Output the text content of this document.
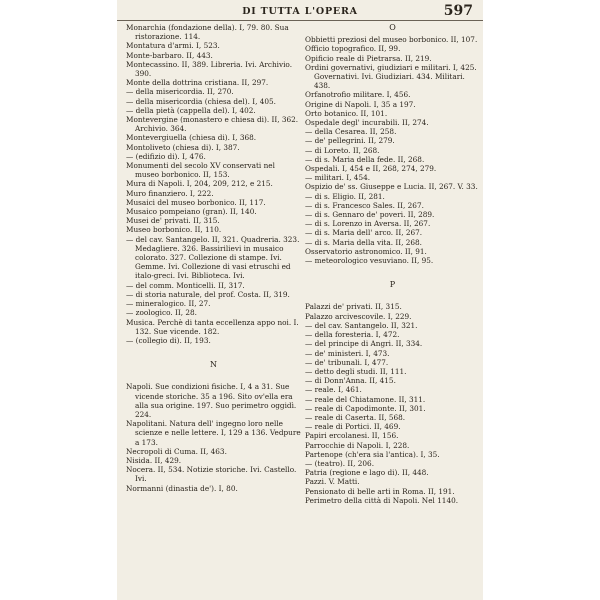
DI TUTTA L'OPERA	597

Monarchia (fondazione della). I, 79. 80. Sua ristorazione. 114.

Montatura d'armi. I, 523.

Monte-barbaro. II, 443.

Montecassino. II, 389. Libreria. Ivi. Archivio. 390.

Monte della dottrina cristiana. II, 297.

— della misericordia. II, 270.

— della misericordia (chiesa del). I, 405.

— della pietà (cappella del). I, 402.

Montevergine (monastero e chiesa di). II, 362. Archivio. 364.

Montevergiuella (chiesa di). I, 368.

Montoliveto (chiesa di). I, 387.

— (edifizio di). I, 476.

Monumenti del secolo XV conservati nel museo borbonico. II, 153.

Mura di Napoli. I, 204, 209, 212, e 215.

Muro finanziero. I, 222.

Musaici del museo borbonico. II, 117.

Musaico pompeiano (gran). II, 140.

Musei de' privati. II, 315.

Museo borbonico. II, 110.

— del cav. Santangelo. II, 321. Quadreria. 323. Medagliere. 326. Bassirilievi in musaico colorato. 327. Collezione di stampe. Ivi. Gemme. Ivi. Collezione di vasi etruschi ed italo-greci. Ivi. Biblioteca. Ivi.

— del comm. Monticelli. II, 317.

— di storia naturale, del prof. Costa. II, 319.

— mineralogico. II, 27.

— zoologico. II, 28.

Musica. Perchè di tanta eccellenza appo noi. I. 132. Sue vicende. 182.

— (collegio di). II, 193.

N

Napoli. Sue condizioni fisiche. I, 4 a 31. Sue vicende storiche. 35 a 196. Sito ov'ella era alla sua origine. 197. Suo perimetro oggidì. 224.

Napolitani. Natura dell' ingegno loro nelle scienze e nelle lettere. I, 129 a 136. Vedpure a 173.

Necropoli di Cuma. II, 463.

Nisida. II, 429.

Nocera. II, 534. Notizie storiche. Ivi. Castello. Ivi.

Normanni (dinastia de'). I, 80.

O

Obbietti preziosi del museo borbonico. II, 107.

Officio topografico. II, 99.

Opificio reale di Pietrarsa. II, 219.

Ordini governativi, giudiziari e militari. I, 425. Governativi. Ivi. Giudiziari. 434. Militari. 438.

Orfanotrofio militare. I, 456.

Origine di Napoli. I, 35 a 197.

Orto botanico. II, 101.

Ospedale degl' incurabili. II, 274.

— della Cesarea. II, 258.

— de' pellegrini. II, 279.

— di Loreto. II, 268.

— di s. Maria della fede. II, 268.

Ospedali. I, 454 e II, 268, 274, 279.

— militari. I, 454.

Ospizio de' ss. Giuseppe e Lucia. II, 267. V. 33.

— di s. Eligio. II, 281.

— di s. Francesco Sales. II, 267.

— di s. Gennaro de' poveri. II, 289.

— di s. Lorenzo in Aversa. II, 267.

— di s. Maria dell' arco. II, 267.

— di s. Maria della vita. II, 268.

Osservatorio astronomico. II, 91.

— meteorologico vesuviano. II, 95.

P

Palazzi de' privati. II, 315.

Palazzo arcivescovile. I, 229.

— del cav. Santangelo. II, 321.

— della foresteria. I, 472.

— del principe di Angri. II, 334.

— de' ministeri. I, 473.

— de' tribunali. I, 477.

— detto degli studi. II, 111.

— di Donn'Anna. II, 415.

— reale. I, 461.

— reale del Chiatamone. II, 311.

— reale di Capodimonte. II, 301.

— reale di Caserta. II, 568.

— reale di Portici. II, 469.

Papiri ercolanesi. II, 156.

Parrocchie di Napoli. I, 228.

Partenope (ch'era sia l'antica). I, 35.

— (teatro). II, 206.

Patria (regione e lago di). II, 448.

Pazzi. V. Matti.

Pensionato di belle arti in Roma. II, 191.

Perimetro della città di Napoli. Nel 1140.
